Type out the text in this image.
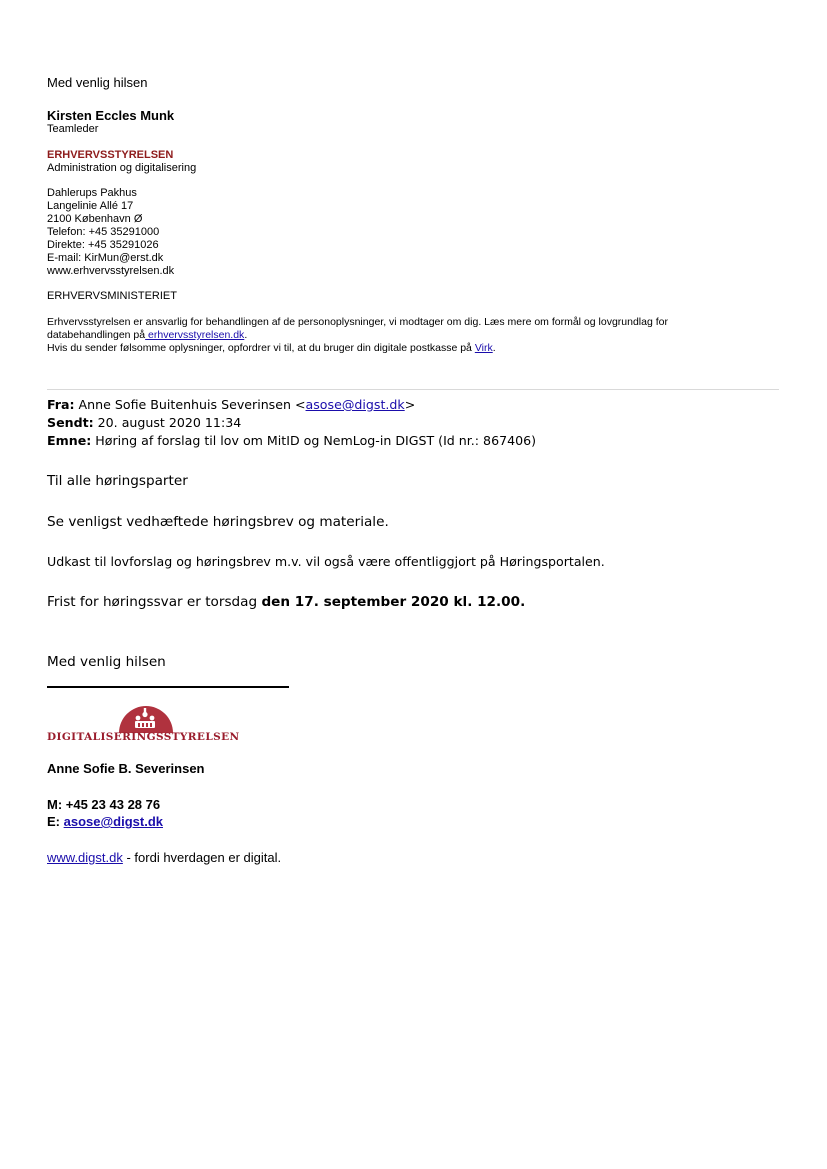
Med venlig hilsen
Kirsten Eccles Munk
Teamleder
ERHVERVSSTYRELSEN
Administration og digitalisering
Dahlerups Pakhus
Langelinie Allé 17
2100 København Ø
Telefon: +45 35291000
Direkte: +45 35291026
E-mail: KirMun@erst.dk
www.erhvervsstyrelsen.dk
ERHVERVSMINISTERIET
Erhvervsstyrelsen er ansvarlig for behandlingen af de personoplysninger, vi modtager om dig. Læs mere om formål og lovgrundlag for
databehandlingen på erhvervsstyrelsen.dk.
Hvis du sender følsomme oplysninger, opfordrer vi til, at du bruger din digitale postkasse på Virk.
Fra: Anne Sofie Buitenhuis Severinsen <asose@digst.dk>
Sendt: 20. august 2020 11:34
Emne: Høring af forslag til lov om MitID og NemLog-in DIGST (Id nr.: 867406)
Til alle høringsparter
Se venligst vedhæftede høringsbrev og materiale.
Udkast til lovforslag og høringsbrev m.v. vil også være offentliggjort på Høringsportalen.
Frist for høringssvar er torsdag den 17. september 2020 kl. 12.00.
Med venlig hilsen
DIGITALISERINGSSTYRELSEN
Anne Sofie B. Severinsen
M: +45 23 43 28 76
E: asose@digst.dk
www.digst.dk - fordi hverdagen er digital.
